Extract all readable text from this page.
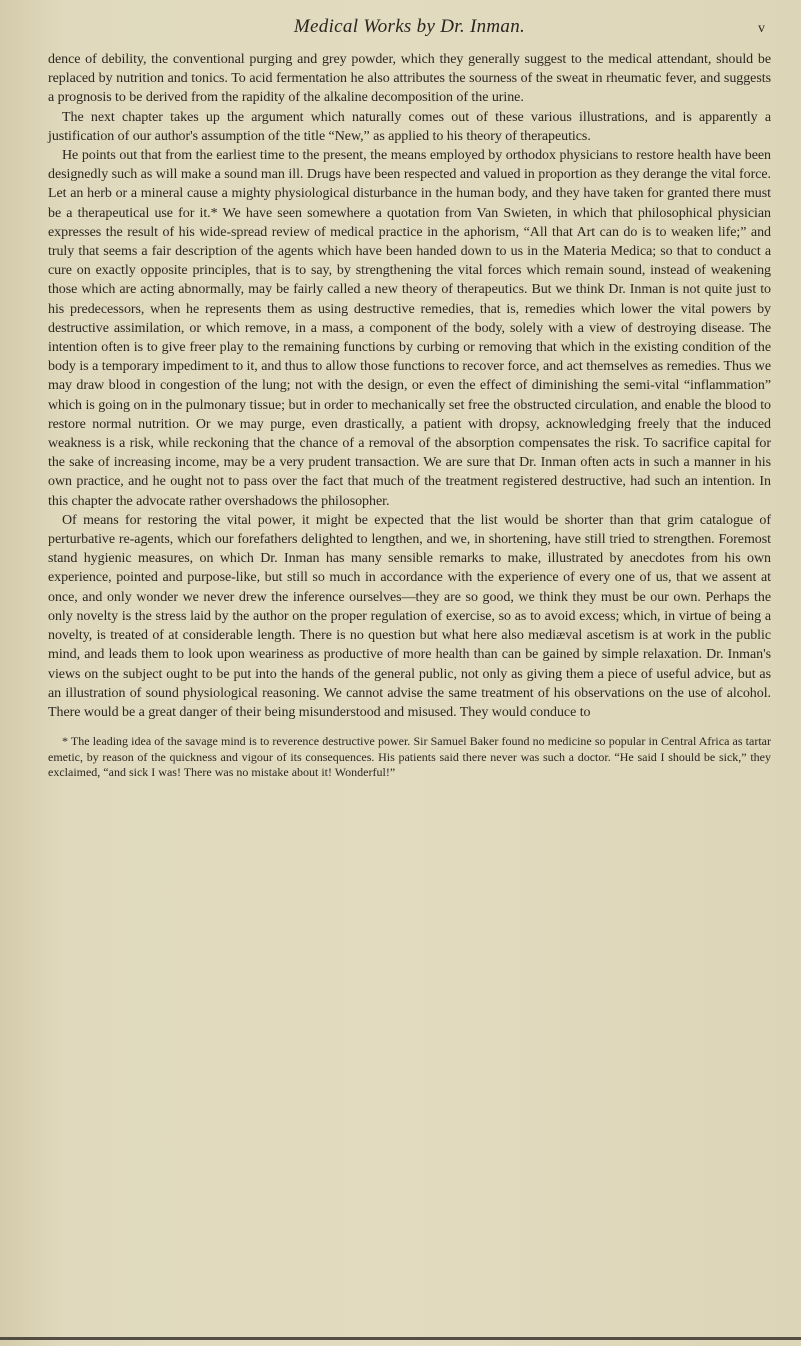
Medical Works by Dr. Inman.	v

dence of debility, the conventional purging and grey powder, which they generally suggest to the medical attendant, should be replaced by nutrition and tonics. To acid fermentation he also attributes the sourness of the sweat in rheumatic fever, and suggests a prognosis to be derived from the rapidity of the alkaline decomposition of the urine.

The next chapter takes up the argument which naturally comes out of these various illustrations, and is apparently a justification of our author's assumption of the title “New,” as applied to his theory of therapeutics.

He points out that from the earliest time to the present, the means employed by orthodox physicians to restore health have been designedly such as will make a sound man ill. Drugs have been respected and valued in proportion as they derange the vital force. Let an herb or a mineral cause a mighty physiological disturbance in the human body, and they have taken for granted there must be a therapeutical use for it.* We have seen somewhere a quotation from Van Swieten, in which that philosophical physician expresses the result of his wide-spread review of medical practice in the aphorism, “All that Art can do is to weaken life;” and truly that seems a fair description of the agents which have been handed down to us in the Materia Medica; so that to conduct a cure on exactly opposite principles, that is to say, by strengthening the vital forces which remain sound, instead of weakening those which are acting abnormally, may be fairly called a new theory of therapeutics. But we think Dr. Inman is not quite just to his predecessors, when he represents them as using destructive remedies, that is, remedies which lower the vital powers by destructive assimilation, or which remove, in a mass, a component of the body, solely with a view of destroying disease. The intention often is to give freer play to the remaining functions by curbing or removing that which in the existing condition of the body is a temporary impediment to it, and thus to allow those functions to recover force, and act themselves as remedies. Thus we may draw blood in congestion of the lung; not with the design, or even the effect of diminishing the semi-vital “inflammation” which is going on in the pulmonary tissue; but in order to mechanically set free the obstructed circulation, and enable the blood to restore normal nutrition. Or we may purge, even drastically, a patient with dropsy, acknowledging freely that the induced weakness is a risk, while reckoning that the chance of a removal of the absorption compensates the risk. To sacrifice capital for the sake of increasing income, may be a very prudent transaction. We are sure that Dr. Inman often acts in such a manner in his own practice, and he ought not to pass over the fact that much of the treatment registered destructive, had such an intention. In this chapter the advocate rather overshadows the philosopher.

Of means for restoring the vital power, it might be expected that the list would be shorter than that grim catalogue of perturbative re-agents, which our forefathers delighted to lengthen, and we, in shortening, have still tried to strengthen. Foremost stand hygienic measures, on which Dr. Inman has many sensible remarks to make, illustrated by anecdotes from his own experience, pointed and purpose-like, but still so much in accordance with the experience of every one of us, that we assent at once, and only wonder we never drew the inference ourselves—they are so good, we think they must be our own. Perhaps the only novelty is the stress laid by the author on the proper regulation of exercise, so as to avoid excess; which, in virtue of being a novelty, is treated of at considerable length. There is no question but what here also mediæval ascetism is at work in the public mind, and leads them to look upon weariness as productive of more health than can be gained by simple relaxation. Dr. Inman's views on the subject ought to be put into the hands of the general public, not only as giving them a piece of useful advice, but as an illustration of sound physiological reasoning. We cannot advise the same treatment of his observations on the use of alcohol. There would be a great danger of their being misunderstood and misused. They would conduce to

* The leading idea of the savage mind is to reverence destructive power. Sir Samuel Baker found no medicine so popular in Central Africa as tartar emetic, by reason of the quickness and vigour of its consequences. His patients said there never was such a doctor. “He said I should be sick,” they exclaimed, “and sick I was! There was no mistake about it! Wonderful!”
